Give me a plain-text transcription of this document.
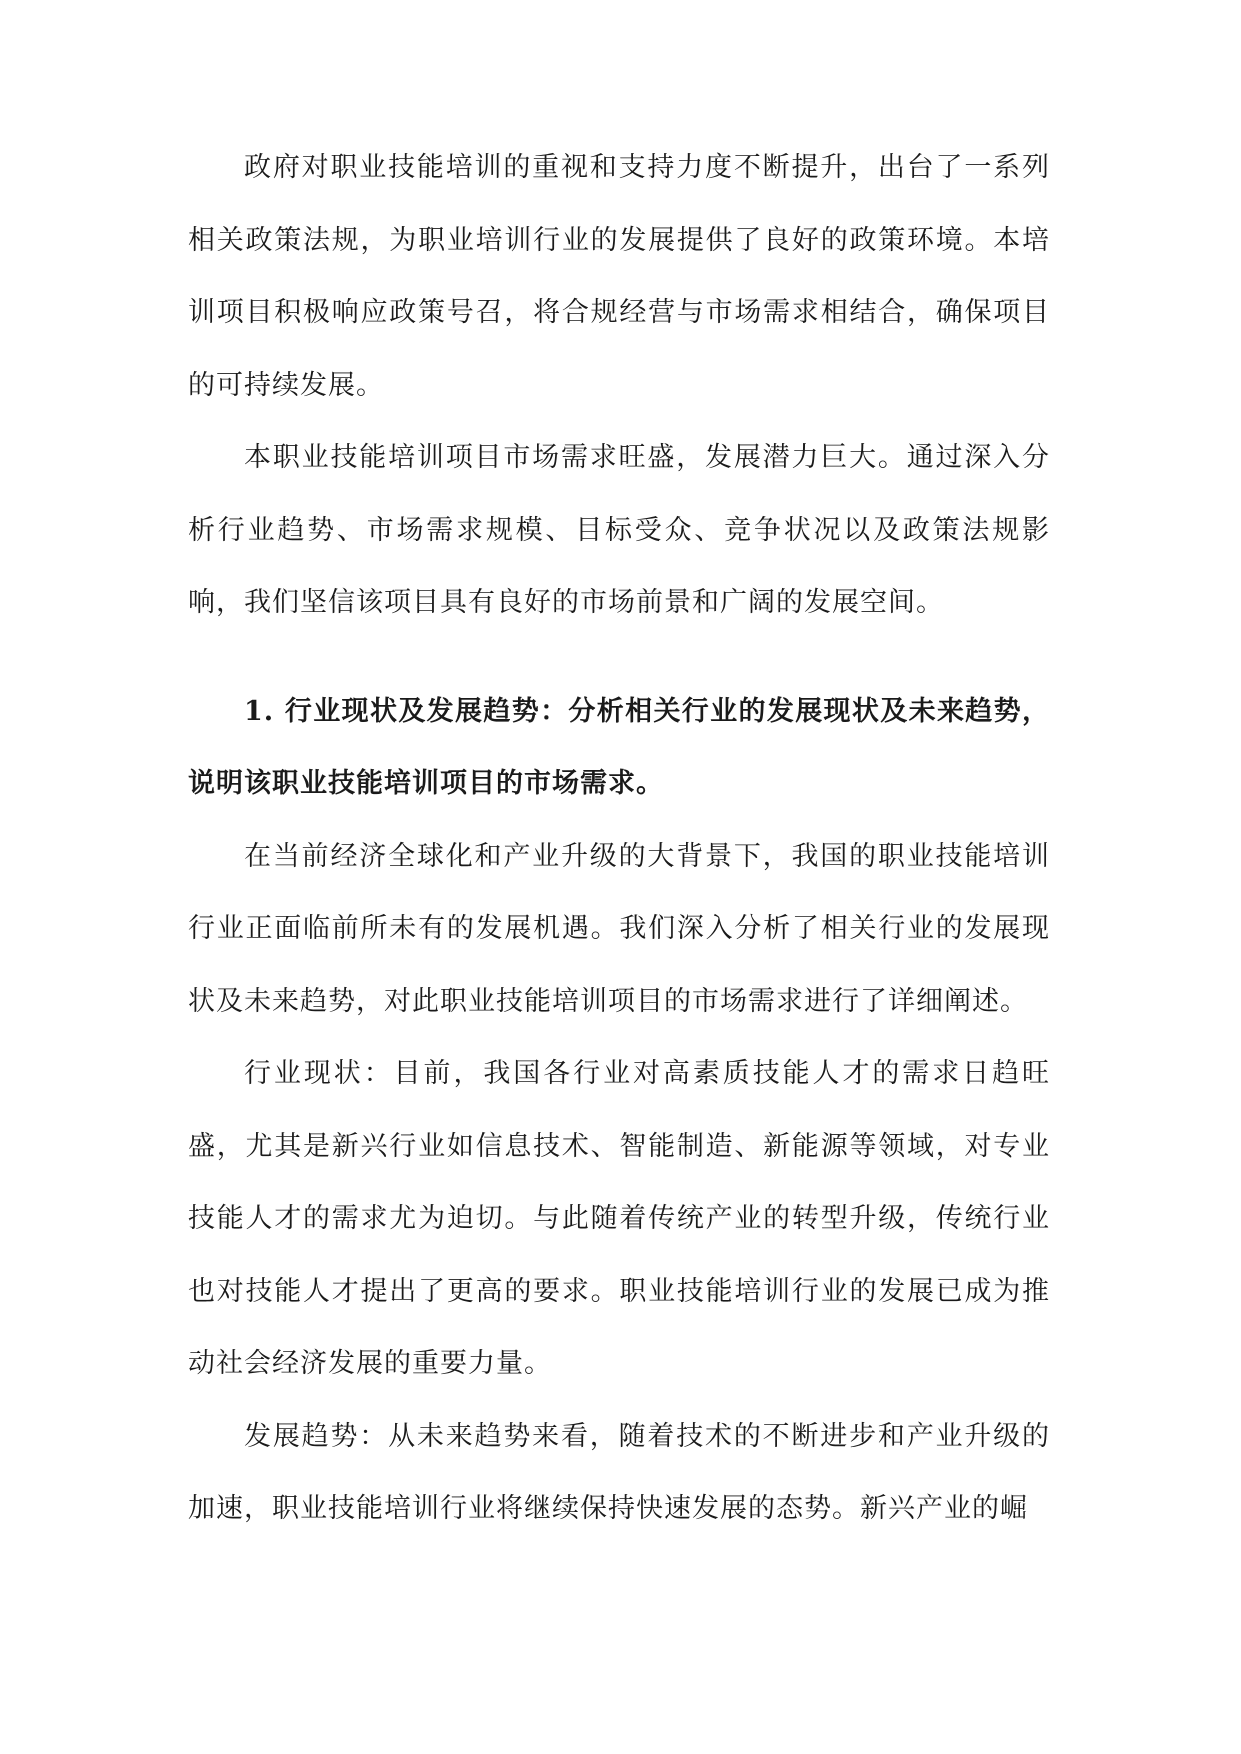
政府对职业技能培训的重视和支持力度不断提升，出台了一系列相关政策法规，为职业培训行业的发展提供了良好的政策环境。本培训项目积极响应政策号召，将合规经营与市场需求相结合，确保项目的可持续发展。

本职业技能培训项目市场需求旺盛，发展潜力巨大。通过深入分析行业趋势、市场需求规模、目标受众、竞争状况以及政策法规影响，我们坚信该项目具有良好的市场前景和广阔的发展空间。

1. 行业现状及发展趋势：分析相关行业的发展现状及未来趋势，说明该职业技能培训项目的市场需求。

在当前经济全球化和产业升级的大背景下，我国的职业技能培训行业正面临前所未有的发展机遇。我们深入分析了相关行业的发展现状及未来趋势，对此职业技能培训项目的市场需求进行了详细阐述。

行业现状：目前，我国各行业对高素质技能人才的需求日趋旺盛，尤其是新兴行业如信息技术、智能制造、新能源等领域，对专业技能人才的需求尤为迫切。与此随着传统产业的转型升级，传统行业也对技能人才提出了更高的要求。职业技能培训行业的发展已成为推动社会经济发展的重要力量。

发展趋势：从未来趋势来看，随着技术的不断进步和产业升级的加速，职业技能培训行业将继续保持快速发展的态势。新兴产业的崛
